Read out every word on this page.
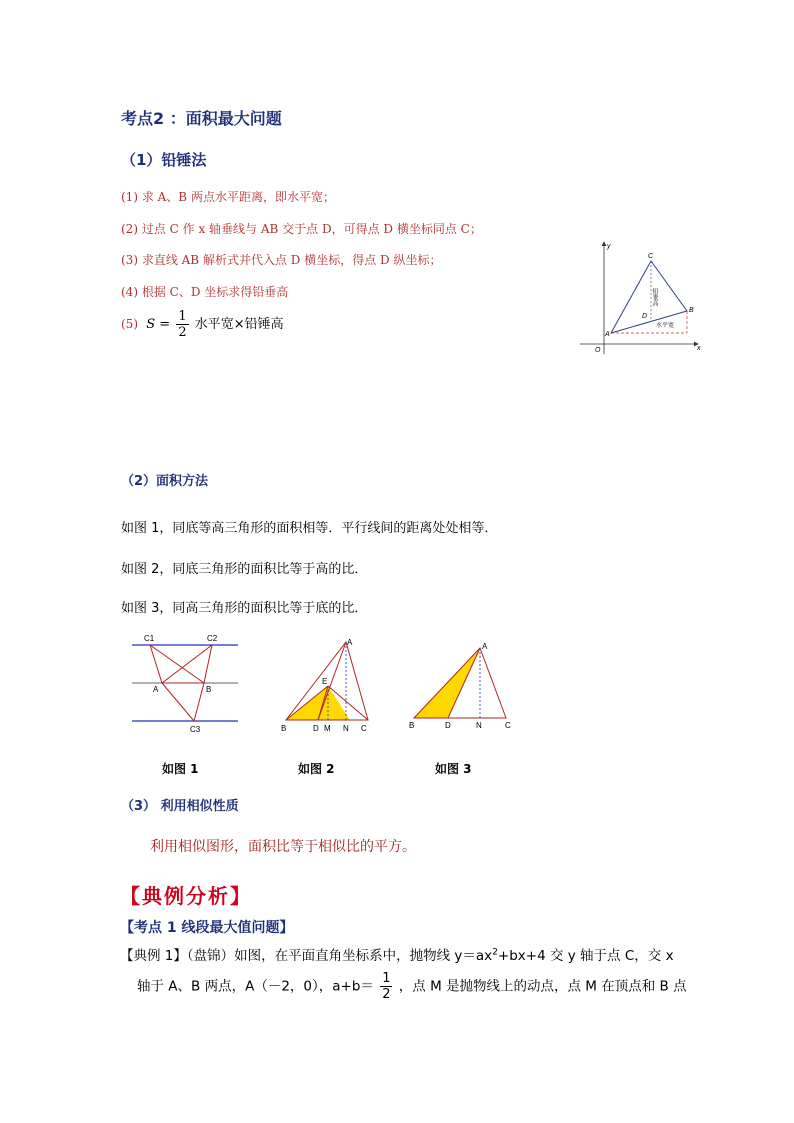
考点2 ：面积最大问题
（1）铅锤法
(1) 求 A、B 两点水平距离，即水平宽；
(2) 过点 C 作 x 轴垂线与 AB 交于点 D，可得点 D 横坐标同点 C；
(3) 求直线 AB 解析式并代入点 D 横坐标，得点 D 纵坐标；
(4) 根据 C、D 坐标求得铅垂高
(5) $S = \frac{1}{2}$ 水平宽×铅锤高
y
x
O
C
B
A
D
铅垂高
水平宽
（2）面积方法
如图 1，同底等高三角形的面积相等．平行线间的距离处处相等．
如图 2，同底三角形的面积比等于高的比．
如图 3，同高三角形的面积比等于底的比．
C1	C2
A	B
C3
A
E
B	D M N C
A
B	D	N	C
如图 1	如图 2	如图 3
（3） 利用相似性质
利用相似图形，面积比等于相似比的平方。
【典例分析】
【考点 1 线段最大值问题】
【典例 1】（盘锦）如图，在平面直角坐标系中，抛物线 $y=ax^2+bx+4$ 交 y 轴于点 C，交 x
轴于 A、B 两点，A（－2，0），$a+b= \frac{1}{2}$ ，点 M 是抛物线上的动点，点 M 在顶点和 B 点
